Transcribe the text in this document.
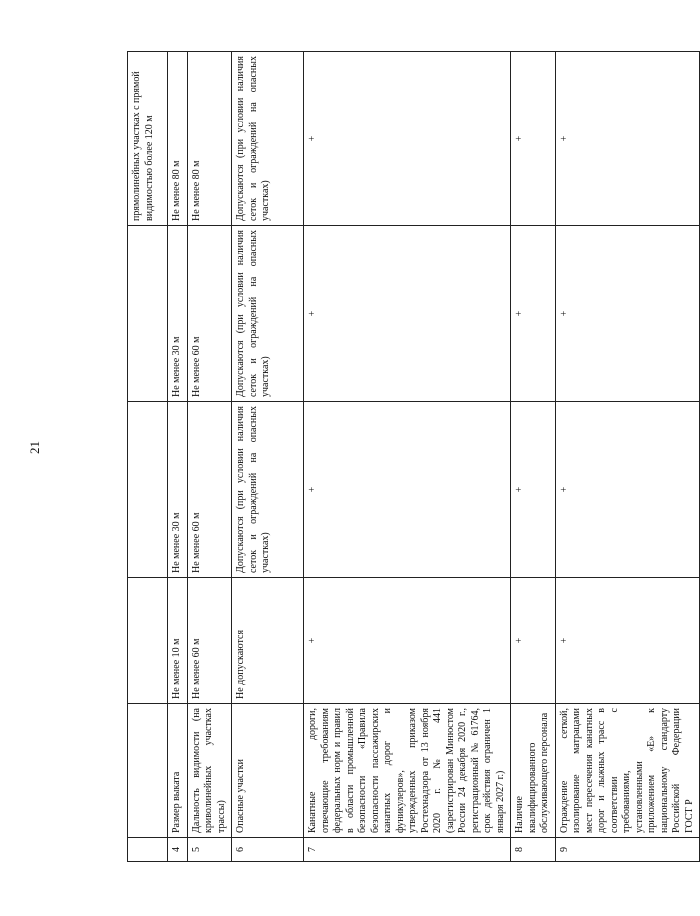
21
					прямолинейных участках с прямой видимостью более 120 м
4	Размер выката	Не менее 10 м	Не менее 30 м	Не менее 30 м	Не менее 80 м
5	Дальность видимости (на криволинейных участках трассы)	Не менее 60 м	Не менее 60 м	Не менее 60 м	Не менее 80 м
6	Опасные участки	Не допускаются	Допускаются (при условии наличия сеток и ограждений на опасных участках)	Допускаются (при условии наличия сеток и ограждений на опасных участках)	Допускаются (при условии наличия сеток и ограждений на опасных участках)
7	Канатные дороги, отвечающие требованиям федеральных норм и правил в области промышленной безопасности «Правила безопасности пассажирских канатных дорог и фуникулеров», утвержденных приказом Ростехнадзора от 13 ноября 2020 г. № 441 (зарегистрирован Минюстом России 24 декабря 2020 г., регистрационный № 61764, срок действия ограничен 1 января 2027 г.)	+	+	+	+
8	Наличие квалифицированного обслуживающего персонала	+	+	+	+
9	Ограждение сеткой, изолирование матрацами мест пересечения канатных дорог и лыжных трасс в соответствии с требованиями, установленными приложением «Е» к национальному стандарту Российской Федерации ГОСТ Р	+	+	+	+
